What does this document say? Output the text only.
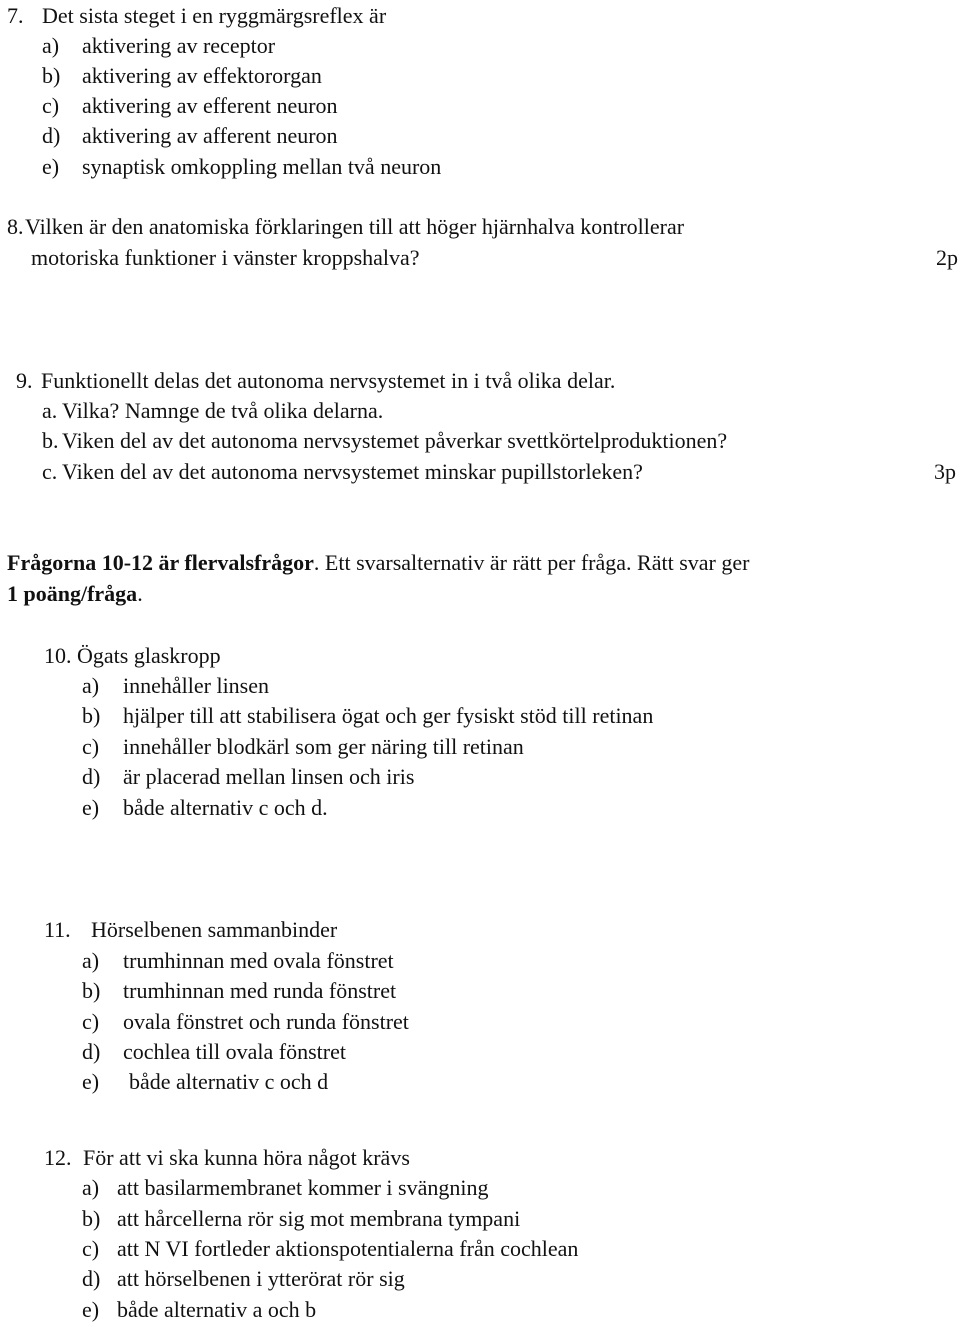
7. Det sista steget i en ryggmärgsreflex är
a) aktivering av receptor
b) aktivering av effektororgan
c) aktivering av efferent neuron
d) aktivering av afferent neuron
e) synaptisk omkoppling mellan två neuron
8. Vilken är den anatomiska förklaringen till att höger hjärnhalva kontrollerar
motoriska funktioner i vänster kroppshalva?	2p
9. Funktionellt delas det autonoma nervsystemet in i två olika delar.
a. Vilka? Namnge de två olika delarna.
b. Viken del av det autonoma nervsystemet påverkar svettkörtelproduktionen?
c. Viken del av det autonoma nervsystemet minskar pupillstorleken?	3p
Frågorna 10-12 är flervalsfrågor. Ett svarsalternativ är rätt per fråga. Rätt svar ger
1 poäng/fråga.
10. Ögats glaskropp
a) innehåller linsen
b) hjälper till att stabilisera ögat och ger fysiskt stöd till retinan
c) innehåller blodkärl som ger näring till retinan
d) är placerad mellan linsen och iris
e) både alternativ c och d.
11. Hörselbenen sammanbinder
a) trumhinnan med ovala fönstret
b) trumhinnan med runda fönstret
c) ovala fönstret och runda fönstret
d) cochlea till ovala fönstret
e) både alternativ c och d
12. För att vi ska kunna höra något krävs
a) att basilarmembranet kommer i svängning
b) att hårcellerna rör sig mot membrana tympani
c) att N VI fortleder aktionspotentialerna från cochlean
d) att hörselbenen i ytterörat rör sig
e) både alternativ a och b
